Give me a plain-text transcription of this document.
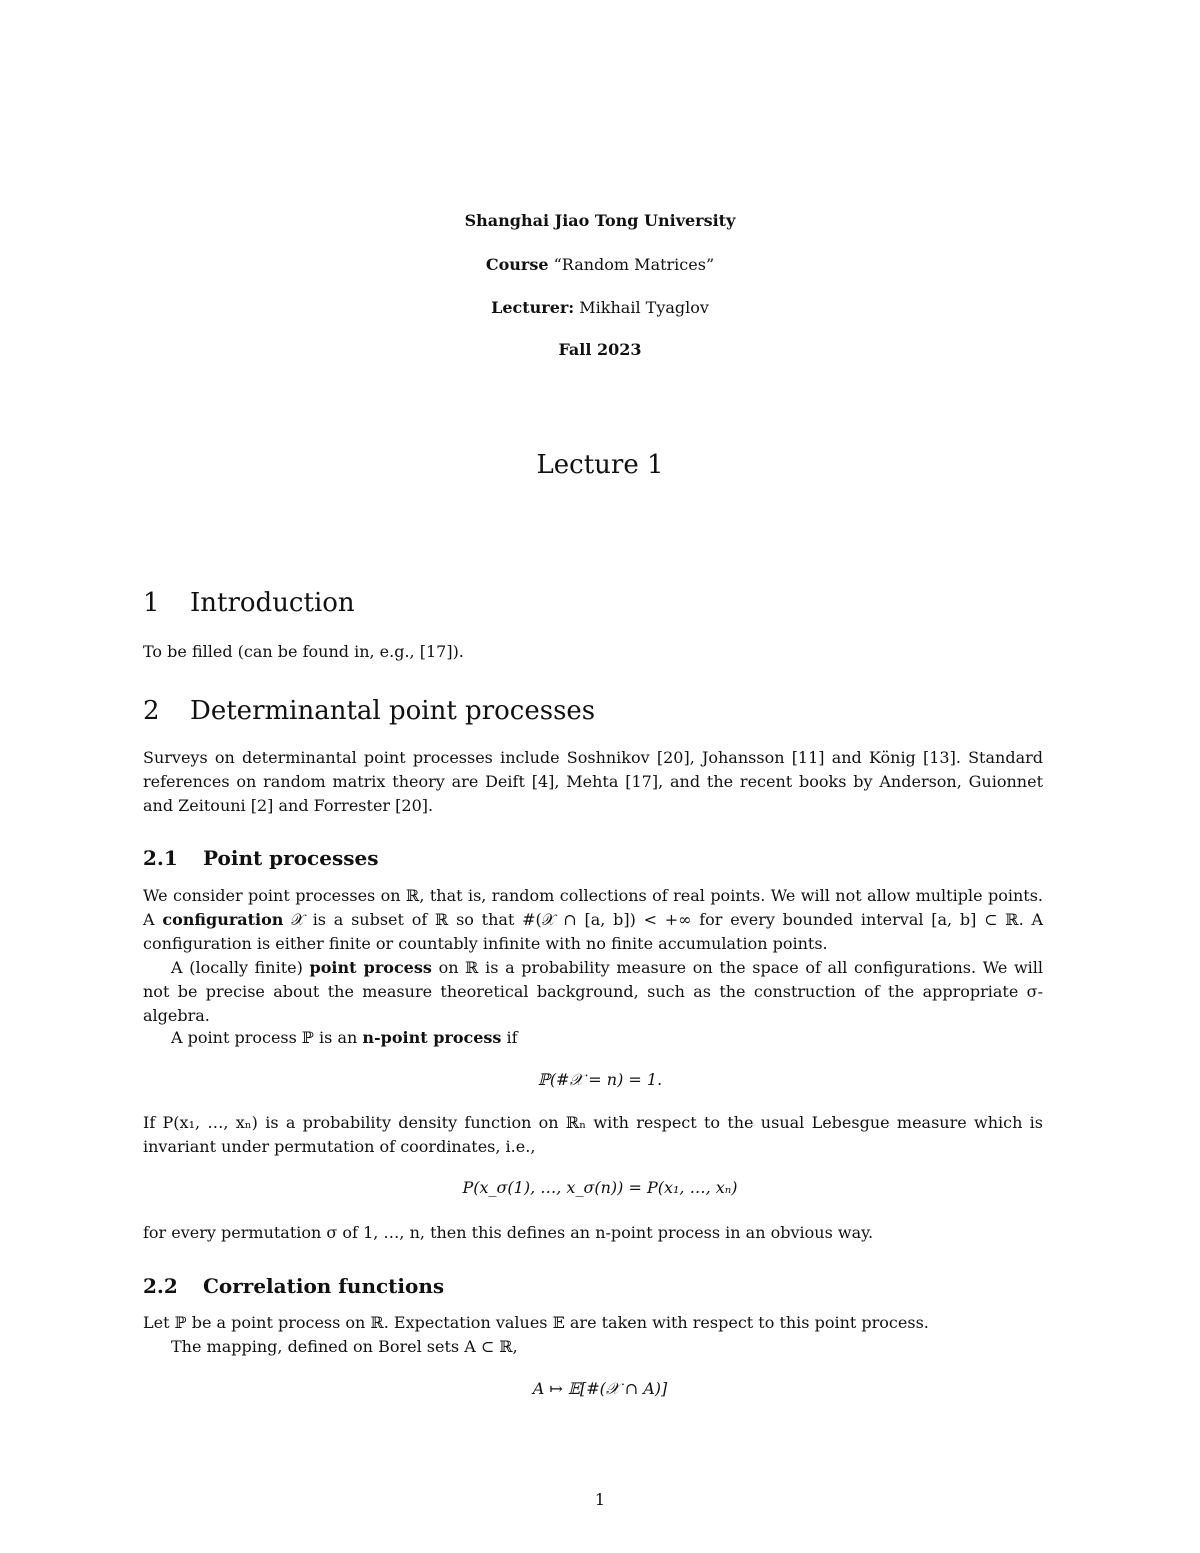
Shanghai Jiao Tong University
Course “Random Matrices”
Lecturer: Mikhail Tyaglov
Fall 2023
Lecture 1
1 Introduction
To be filled (can be found in, e.g., [17]).
2 Determinantal point processes
Surveys on determinantal point processes include Soshnikov [20], Johansson [11] and König [13]. Standard references on random matrix theory are Deift [4], Mehta [17], and the recent books by Anderson, Guionnet and Zeitouni [2] and Forrester [20].
2.1 Point processes
We consider point processes on ℝ, that is, random collections of real points. We will not allow multiple points. A configuration 𝒳 is a subset of ℝ so that #(𝒳 ∩ [a, b]) < +∞ for every bounded interval [a, b] ⊂ ℝ. A configuration is either finite or countably infinite with no finite accumulation points.
A (locally finite) point process on ℝ is a probability measure on the space of all configurations. We will not be precise about the measure theoretical background, such as the construction of the appropriate σ-algebra.
A point process ℙ is an n-point process if
ℙ(#𝒳 = n) = 1.
If P(x₁, …, xₙ) is a probability density function on ℝₙ with respect to the usual Lebesgue measure which is invariant under permutation of coordinates, i.e.,
P(x_σ(1), …, x_σ(n)) = P(x₁, …, xₙ)
for every permutation σ of 1, …, n, then this defines an n-point process in an obvious way.
2.2 Correlation functions
Let ℙ be a point process on ℝ. Expectation values 𝔼 are taken with respect to this point process.
The mapping, defined on Borel sets A ⊂ ℝ,
A ↦ 𝔼[#(𝒳 ∩ A)]
1
